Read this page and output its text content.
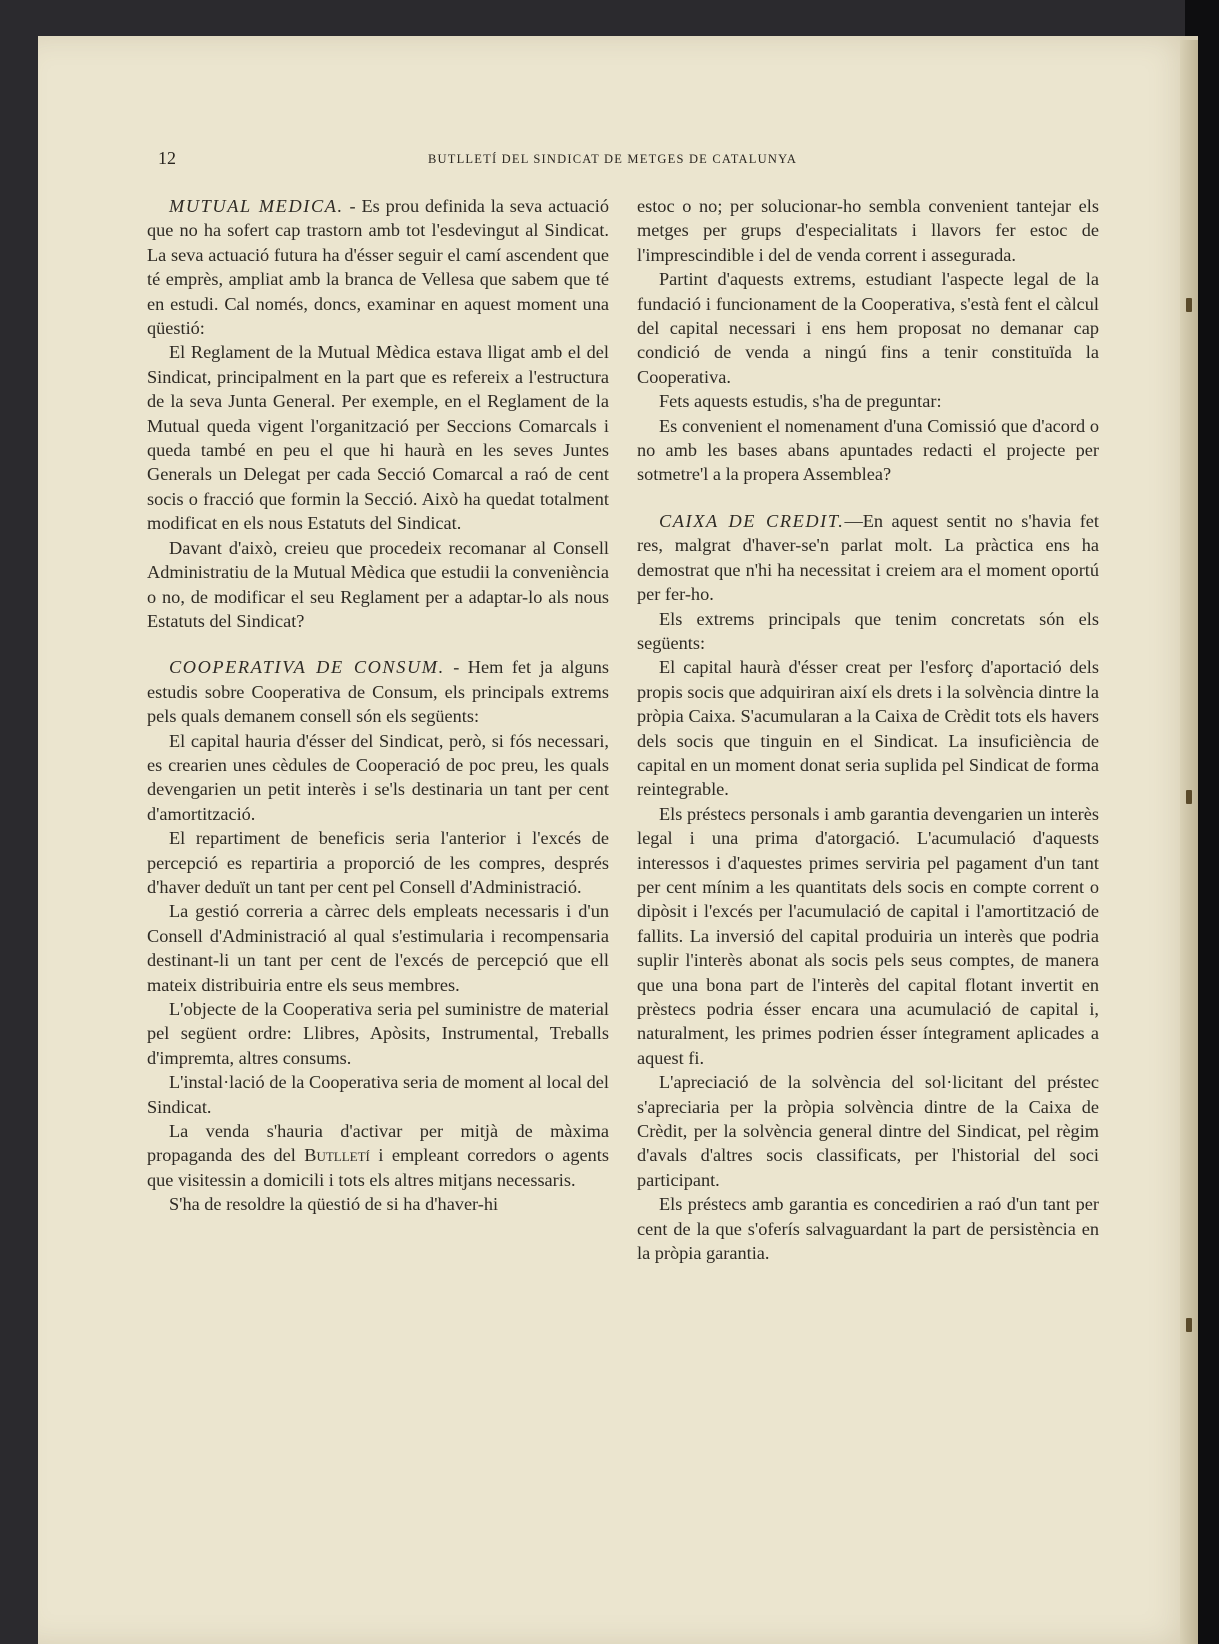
12	BUTLLETÍ DEL SINDICAT DE METGES DE CATALUNYA

MUTUAL MEDICA. - Es prou definida la seva actuació que no ha sofert cap trastorn amb tot l'esdevingut al Sindicat. La seva actuació futura ha d'ésser seguir el camí ascendent que té emprès, ampliat amb la branca de Vellesa que sabem que té en estudi. Cal només, doncs, examinar en aquest moment una qüestió:

El Reglament de la Mutual Mèdica estava lligat amb el del Sindicat, principalment en la part que es refereix a l'estructura de la seva Junta General. Per exemple, en el Reglament de la Mutual queda vigent l'organització per Seccions Comarcals i queda també en peu el que hi haurà en les seves Juntes Generals un Delegat per cada Secció Comarcal a raó de cent socis o fracció que formin la Secció. Això ha quedat totalment modificat en els nous Estatuts del Sindicat.

Davant d'això, creieu que procedeix recomanar al Consell Administratiu de la Mutual Mèdica que estudii la conveniència o no, de modificar el seu Reglament per a adaptar-lo als nous Estatuts del Sindicat?

COOPERATIVA DE CONSUM. - Hem fet ja alguns estudis sobre Cooperativa de Consum, els principals extrems pels quals demanem consell són els següents:

El capital hauria d'ésser del Sindicat, però, si fós necessari, es crearien unes cèdules de Cooperació de poc preu, les quals devengarien un petit interès i se'ls destinaria un tant per cent d'amortització.

El repartiment de beneficis seria l'anterior i l'excés de percepció es repartiria a proporció de les compres, després d'haver deduït un tant per cent pel Consell d'Administració.

La gestió correria a càrrec dels empleats necessaris i d'un Consell d'Administració al qual s'estimularia i recompensaria destinant-li un tant per cent de l'excés de percepció que ell mateix distribuiria entre els seus membres.

L'objecte de la Cooperativa seria pel suministre de material pel següent ordre: Llibres, Apòsits, Instrumental, Treballs d'impremta, altres consums.

L'instal·lació de la Cooperativa seria de moment al local del Sindicat.

La venda s'hauria d'activar per mitjà de màxima propaganda des del Butlletí i empleant corredors o agents que visitessin a domicili i tots els altres mitjans necessaris.

S'ha de resoldre la qüestió de si ha d'haver-hi

estoc o no; per solucionar-ho sembla convenient tantejar els metges per grups d'especialitats i llavors fer estoc de l'imprescindible i del de venda corrent i assegurada.

Partint d'aquests extrems, estudiant l'aspecte legal de la fundació i funcionament de la Cooperativa, s'està fent el càlcul del capital necessari i ens hem proposat no demanar cap condició de venda a ningú fins a tenir constituïda la Cooperativa.

Fets aquests estudis, s'ha de preguntar:

Es convenient el nomenament d'una Comissió que d'acord o no amb les bases abans apuntades redacti el projecte per sotmetre'l a la propera Assemblea?

CAIXA DE CREDIT.—En aquest sentit no s'havia fet res, malgrat d'haver-se'n parlat molt. La pràctica ens ha demostrat que n'hi ha necessitat i creiem ara el moment oportú per fer-ho.

Els extrems principals que tenim concretats són els següents:

El capital haurà d'ésser creat per l'esforç d'aportació dels propis socis que adquiriran així els drets i la solvència dintre la pròpia Caixa. S'acumularan a la Caixa de Crèdit tots els havers dels socis que tinguin en el Sindicat. La insuficiència de capital en un moment donat seria suplida pel Sindicat de forma reintegrable.

Els préstecs personals i amb garantia devengarien un interès legal i una prima d'atorgació. L'acumulació d'aquests interessos i d'aquestes primes serviria pel pagament d'un tant per cent mínim a les quantitats dels socis en compte corrent o dipòsit i l'excés per l'acumulació de capital i l'amortització de fallits. La inversió del capital produiria un interès que podria suplir l'interès abonat als socis pels seus comptes, de manera que una bona part de l'interès del capital flotant invertit en prèstecs podria ésser encara una acumulació de capital i, naturalment, les primes podrien ésser íntegrament aplicades a aquest fi.

L'apreciació de la solvència del sol·licitant del préstec s'apreciaria per la pròpia solvència dintre de la Caixa de Crèdit, per la solvència general dintre del Sindicat, pel règim d'avals d'altres socis classificats, per l'historial del soci participant.

Els préstecs amb garantia es concedirien a raó d'un tant per cent de la que s'oferís salvaguardant la part de persistència en la pròpia garantia.
